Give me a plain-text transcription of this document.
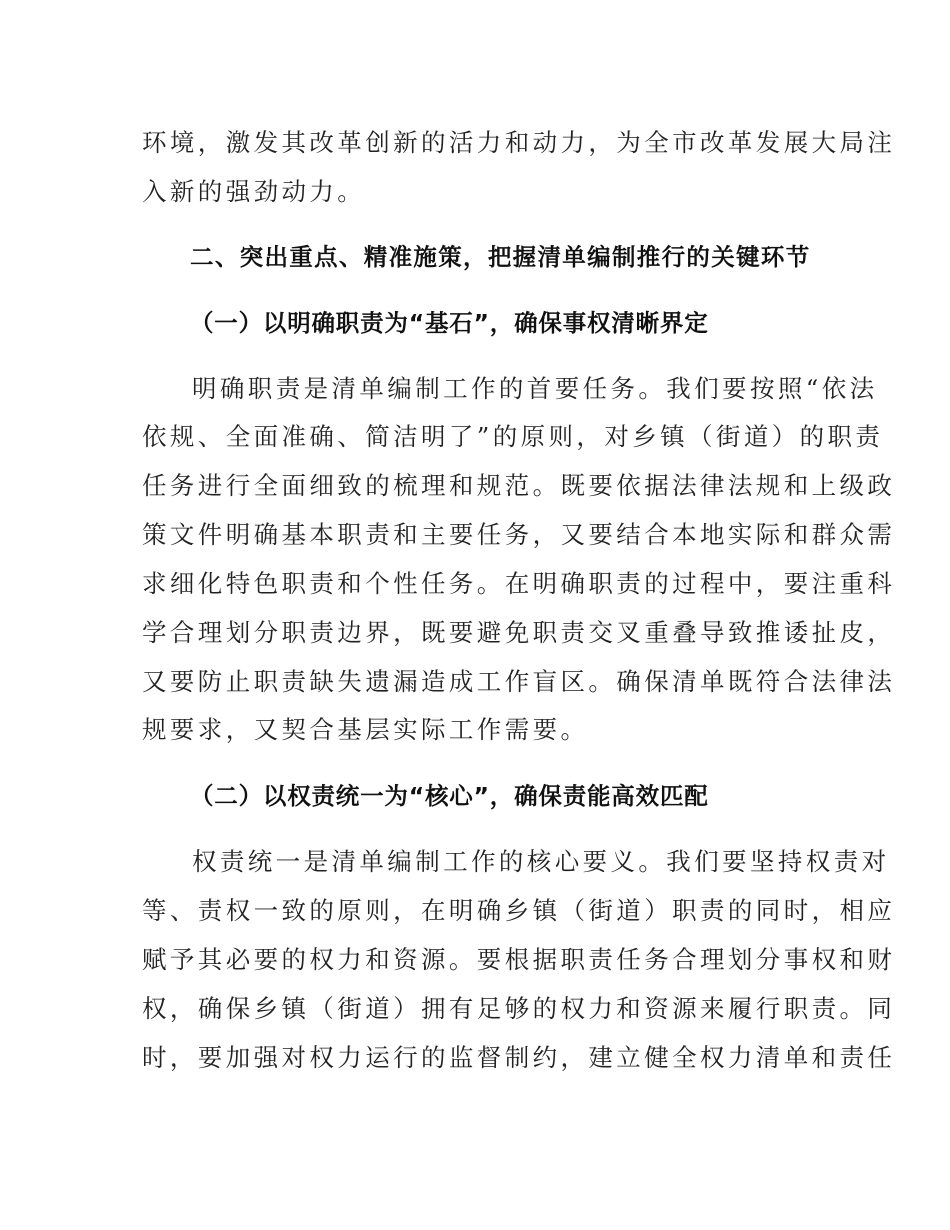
环境，激发其改革创新的活力和动力，为全市改革发展大局注
入新的强劲动力。
二、突出重点、精准施策，把握清单编制推行的关键环节
（一）以明确职责为“基石”，确保事权清晰界定
明确职责是清单编制工作的首要任务。我们要按照“依法
依规、全面准确、简洁明了”的原则，对乡镇（街道）的职责
任务进行全面细致的梳理和规范。既要依据法律法规和上级政
策文件明确基本职责和主要任务，又要结合本地实际和群众需
求细化特色职责和个性任务。在明确职责的过程中，要注重科
学合理划分职责边界，既要避免职责交叉重叠导致推诿扯皮，
又要防止职责缺失遗漏造成工作盲区。确保清单既符合法律法
规要求，又契合基层实际工作需要。
（二）以权责统一为“核心”，确保责能高效匹配
权责统一是清单编制工作的核心要义。我们要坚持权责对
等、责权一致的原则，在明确乡镇（街道）职责的同时，相应
赋予其必要的权力和资源。要根据职责任务合理划分事权和财
权，确保乡镇（街道）拥有足够的权力和资源来履行职责。同
时，要加强对权力运行的监督制约，建立健全权力清单和责任
